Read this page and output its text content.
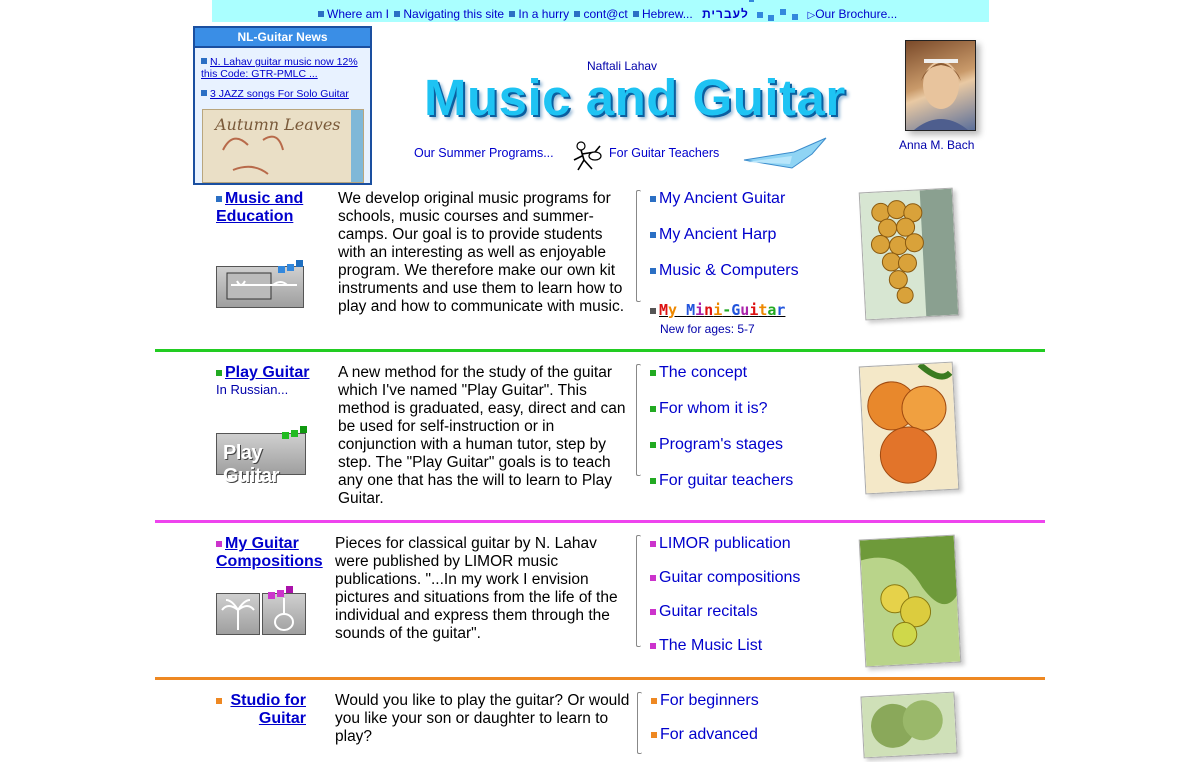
Where am I Navigating this site In a hurry cont@ct Hebrew... לעברית	▷Our Brochure...
NL-Guitar News
N. Lahav guitar music now 12% this Code: GTR-PMLC ...
3 JAZZ songs For Solo Guitar
Autumn Leaves
Naftali Lahav
Music and Guitar
Our Summer Programs...	For Guitar Teachers
Anna M. Bach
Music and Education
We develop original music programs for schools, music courses and summer-camps. Our goal is to provide students with an interesting as well as enjoyable program. We therefore make our own kit instruments and use them to learn how to play and how to communicate with music.
My Ancient Guitar
My Ancient Harp
Music & Computers
My Mini-Guitar
New for ages: 5-7
Play Guitar
In Russian...
Play Guitar
A new method for the study of the guitar which I've named "Play Guitar". This method is graduated, easy, direct and can be used for self-instruction or in conjunction with a human tutor, step by step. The "Play Guitar" goals is to teach any one that has the will to learn to Play Guitar.
The concept
For whom it is?
Program's stages
For guitar teachers
My Guitar Compositions
Pieces for classical guitar by N. Lahav were published by LIMOR music publications. "...In my work I envision pictures and situations from the life of the individual and express them through the sounds of the guitar".
LIMOR publication
Guitar compositions
Guitar recitals
The Music List
Studio for Guitar
Would you like to play the guitar? Or would you like your son or daughter to learn to play?
For beginners
For advanced
